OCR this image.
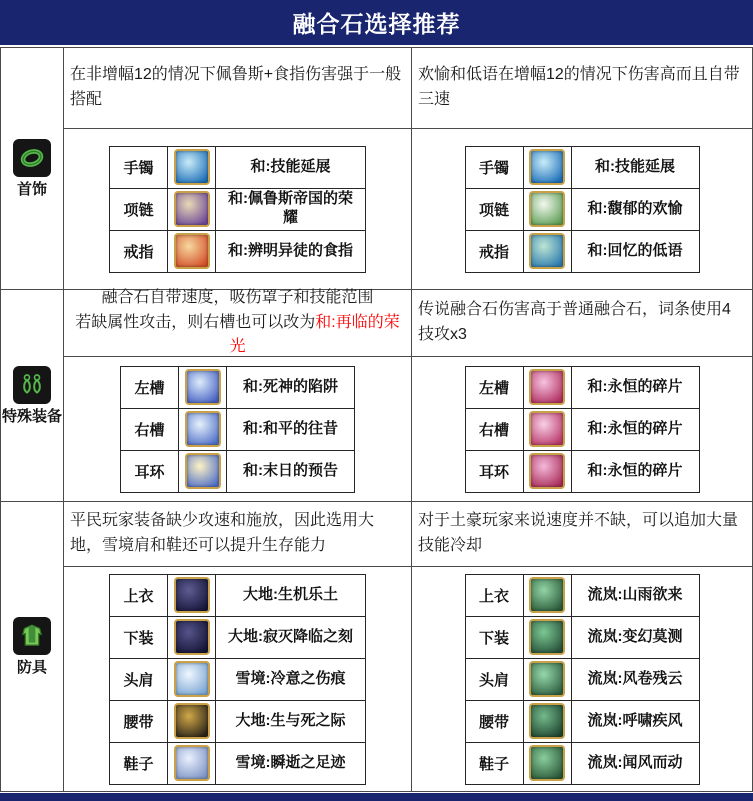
融合石选择推荐
首饰
在非增幅12的情况下佩鲁斯+食指伤害强于一般搭配
欢愉和低语在增幅12的情况下伤害高而且自带三速
手镯		和:技能延展
项链		和:佩鲁斯帝国的荣耀
戒指		和:辨明异徒的食指
手镯		和:技能延展
项链		和:馥郁的欢愉
戒指		和:回忆的低语
特殊装备
融合石自带速度，吸伤罩子和技能范围
若缺属性攻击，则右槽也可以改为和:再临的荣光
传说融合石伤害高于普通融合石，词条使用4技攻x3
左槽		和:死神的陷阱
右槽		和:和平的往昔
耳环		和:末日的预告
左槽		和:永恒的碎片
右槽		和:永恒的碎片
耳环		和:永恒的碎片
防具
平民玩家装备缺少攻速和施放，因此选用大地，雪境肩和鞋还可以提升生存能力
对于土豪玩家来说速度并不缺，可以追加大量技能冷却
上衣		大地:生机乐土
下装		大地:寂灭降临之刻
头肩		雪境:冷意之伤痕
腰带		大地:生与死之际
鞋子		雪境:瞬逝之足迹
上衣		流岚:山雨欲来
下装		流岚:变幻莫测
头肩		流岚:风卷残云
腰带		流岚:呼啸疾风
鞋子		流岚:闻风而动
